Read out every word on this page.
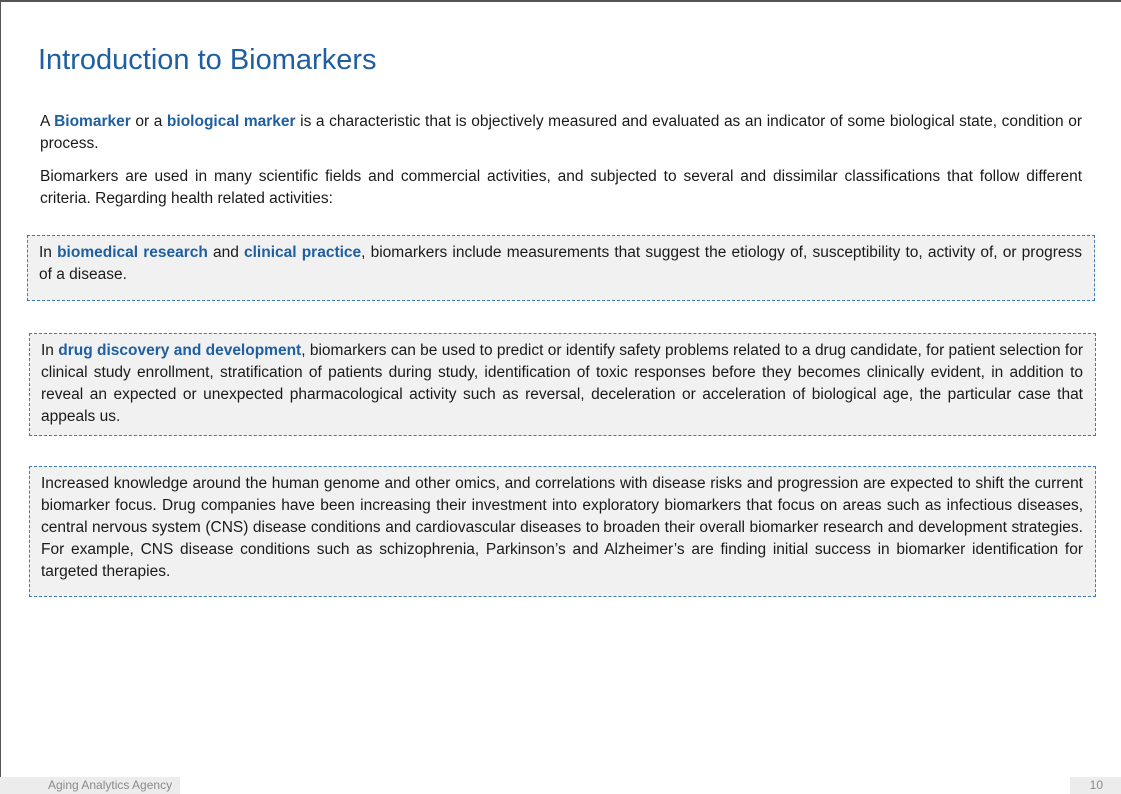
Introduction to Biomarkers

A Biomarker or a biological marker is a characteristic that is objectively measured and evaluated as an indicator of some biological state, condition or process.

Biomarkers are used in many scientific fields and commercial activities, and subjected to several and dissimilar classifications that follow different criteria. Regarding health related activities:

In biomedical research and clinical practice, biomarkers include measurements that suggest the etiology of, susceptibility to, activity of, or progress of a disease.

In drug discovery and development, biomarkers can be used to predict or identify safety problems related to a drug candidate, for patient selection for clinical study enrollment, stratification of patients during study, identification of toxic responses before they becomes clinically evident, in addition to reveal an expected or unexpected pharmacological activity such as reversal, deceleration or acceleration of biological age, the particular case that appeals us.

Increased knowledge around the human genome and other omics, and correlations with disease risks and progression are expected to shift the current biomarker focus. Drug companies have been increasing their investment into exploratory biomarkers that focus on areas such as infectious diseases, central nervous system (CNS) disease conditions and cardiovascular diseases to broaden their overall biomarker research and development strategies. For example, CNS disease conditions such as schizophrenia, Parkinson’s and Alzheimer’s are finding initial success in biomarker identification for targeted therapies.

Aging Analytics Agency	10
